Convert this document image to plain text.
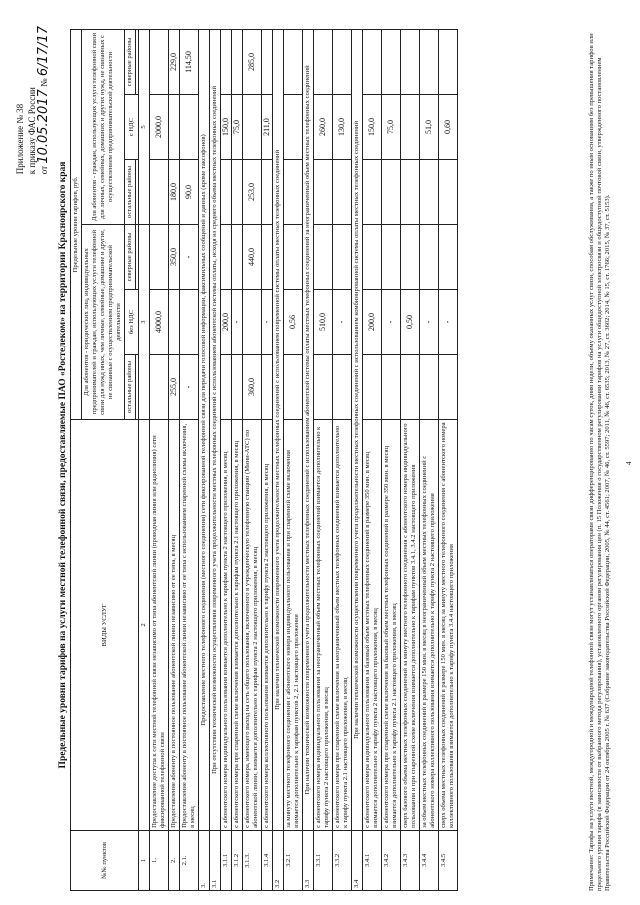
Приложение № 38 к приказу ФАС России от 10.05.2017 № 6/17/17
Предельные уровни тарифов на услуги местной телефонной связи, предоставляемые ПАО «Ростелеком» на территории Красноярского края
№№ пунктов	ВИДЫ УСЛУГ	Предельные уровни тарифов, руб.					
		Для абонентов - юридических лиц, индивидуальных предпринимателей и граждан, использующих услуги телефонной связи для нужд иных, чем личные, семейные, домашние и другие, не связанные с осуществлением предпринимательской деятельности			Для абонентов - граждан, использующих услуги телефонной связи для личных, семейных, домашних и других нужд, не связанных с осуществлением предпринимательской деятельности		
		остальные районы	без НДС	северные районы	остальные районы	с НДС	северные районы

1	2	3			5		
1.	Предоставление доступа к сети местной телефонной связи независимо от типа абонентской линии (проводная линия или радиолиния) сети фиксированной телефонной связи		4000,0			2000,0	
2.	Предоставление абоненту в постоянное пользование абонентской линии независимо от ее типа, в месяц	255,0		350,0	180,0		229,0
2.1.	Предоставление абоненту в постоянное пользование абонентской линии независимо от ее типа с использованием спаренной схемы включения, в месяц	-		-	90,0		114,50
3.	Предоставление местного телефонного соединения (местного соединения) сети фиксированной телефонной связи для передачи голосовой информации, факсимильных сообщений и данных (кроме таксофонов)						
3.1	При отсутствии технической возможности осуществления повременного учета продолжительности местных телефонных соединений с использованием абонентской системы оплаты, исходя из среднего объема местных телефонных соединений						
3.1.1	с абонентского номера индивидуального пользования взимается дополнительно к тарифам пункта 2 настоящего приложения, в месяц		200,0			150,0	
3.1.2	с абонентского номера при спаренной схеме включения взимается дополнительно к тарифам пункта 2.1 настоящего приложения, в месяц		-			75,0	
3.1.3.	с абонентского номера, имеющего выход на сеть общего пользования, включенного в учрежденческую телефонную станцию (Мини-АТС) по абонентской линии, взимается дополнительно к тарифам пункта 2 настоящего приложения, в месяц	360,0		440,0	253,0		285,0
3.1.4	с абонентского номера коллективного пользования взимается дополнительно к тарифу пункта 2 настоящего приложения, в месяц		-			211,0	
3.2	При наличии технической возможности повременного учета продолжительности местных телефонных соединений с использованием повременной системы оплаты местных телефонных соединений						
3.2.1	за минуту местного телефонного соединения с абонентского номера индивидуального пользования и при спаренной схеме включения взимается дополнительно к тарифам пунктов 2, 2.1 настоящего приложения		0,56				
3.3	При наличии технической возможности повременного учета продолжительности местных телефонных соединений с использованием абонентской системы оплаты местных телефонных соединений за неограниченный объем местных телефонных соединений						
3.3.1	с абонентского номера индивидуального пользования за неограниченный объем местных телефонных соединений взимается дополнительно к тарифу пункта 2 настоящего приложения, в месяц		510,0			260,0	
3.3.2	с абонентского номера при спаренной схеме включения за неограниченный объем местных телефонных соединений взимается дополнительно к тарифу пункта 2.1 настоящего приложения, в месяц		-			130,0	
3.4	При наличии технической возможности осуществления повременного учета продолжительности местных телефонных соединений с использованием комбинированной системы оплаты местных телефонных соединений						
3.4.1	с абонентского номера индивидуального пользования за базовый объем местных телефонных соединений в размере 350 мин. в месяц взимается дополнительно к тарифу пункта 2 настоящего приложения, в месяц		200,0			150,0	
3.4.2	с абонентского номера при спаренной схеме включения за базовый объем местных телефонных соединений в размере 350 мин. в месяц взимается дополнительно к тарифу пункта 2.1 настоящего приложения, в месяц		-			75,0	
3.4.3	сверх базового объема местных телефонных соединений за минуту местного телефонного соединения с абонентского номера индивидуального пользования и при спаренной схеме включения взимается дополнительно к тарифам пунктов 3.4.1, 3.4.2 настоящего приложения		0,50				
3.4.4	за объем местных телефонных соединений в размере 150 мин. в месяц в неограниченный объем местных телефонных соединений с абонентского номера коллективного пользования взимается дополнительно к тарифу пункта 2 настоящего приложения		-			51,0	
3.4.5	сверх объема местных телефонных соединений в размере 150 мин. в месяц за минуту местного телефонного соединения с абонентского номера коллективного пользования взимается дополнительно к тарифу пункта 3.4.4 настоящего приложения		-			0,60		Примечание: Тарифы на услуги местной, междугородной и международной телефонной связи могут устанавливаться операторами связи дифференцированно по часам суток, дням недели, объему оказанных услуг связи, способам обслуживания, а также по иным основаниям без превышения тарифов или предельного уровня тарифа (в зависимости от выбранного метода регулирования), установленного органом регулирования цен (п. 15 Положения о государственном регулировании тарифов на услуги общедоступной электросвязи и общедоступной почтовой связи, утвержденного постановлением Правительства Российской Федерации от 24 октября 2005 г. № 637 (Собрание законодательства Российской Федерации, 2005, № 44, ст. 4561; 2007, № 46, ст. 5597; 2011, № 46, ст. 6535; 2013, № 27, ст. 3602; 2014, № 15, ст. 1766; 2015, № 37, ст. 5153). 4
